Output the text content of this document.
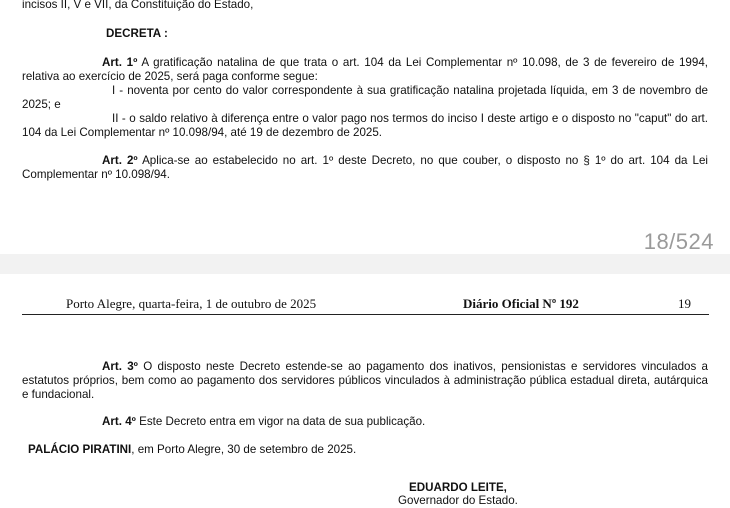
incisos II, V e VII, da Constituição do Estado,
DECRETA :
Art. 1º A gratificação natalina de que trata o art. 104 da Lei Complementar nº 10.098, de 3 de fevereiro de 1994,
relativa ao exercício de 2025, será paga conforme segue:
I - noventa por cento do valor correspondente à sua gratificação natalina projetada líquida, em 3 de novembro de
2025; e
II - o saldo relativo à diferença entre o valor pago nos termos do inciso I deste artigo e o disposto no "caput" do art.
104 da Lei Complementar nº 10.098/94, até 19 de dezembro de 2025.
Art. 2º Aplica-se ao estabelecido no art. 1º deste Decreto, no que couber, o disposto no § 1º do art. 104 da Lei
Complementar nº 10.098/94.
18/524
Porto Alegre, quarta-feira, 1 de outubro de 2025	Diário Oficial Nº 192	19
Art. 3º O disposto neste Decreto estende-se ao pagamento dos inativos, pensionistas e servidores vinculados a
estatutos próprios, bem como ao pagamento dos servidores públicos vinculados à administração pública estadual direta, autárquica
e fundacional.
Art. 4º Este Decreto entra em vigor na data de sua publicação.
PALÁCIO PIRATINI, em Porto Alegre, 30 de setembro de 2025.
EDUARDO LEITE,
Governador do Estado.
